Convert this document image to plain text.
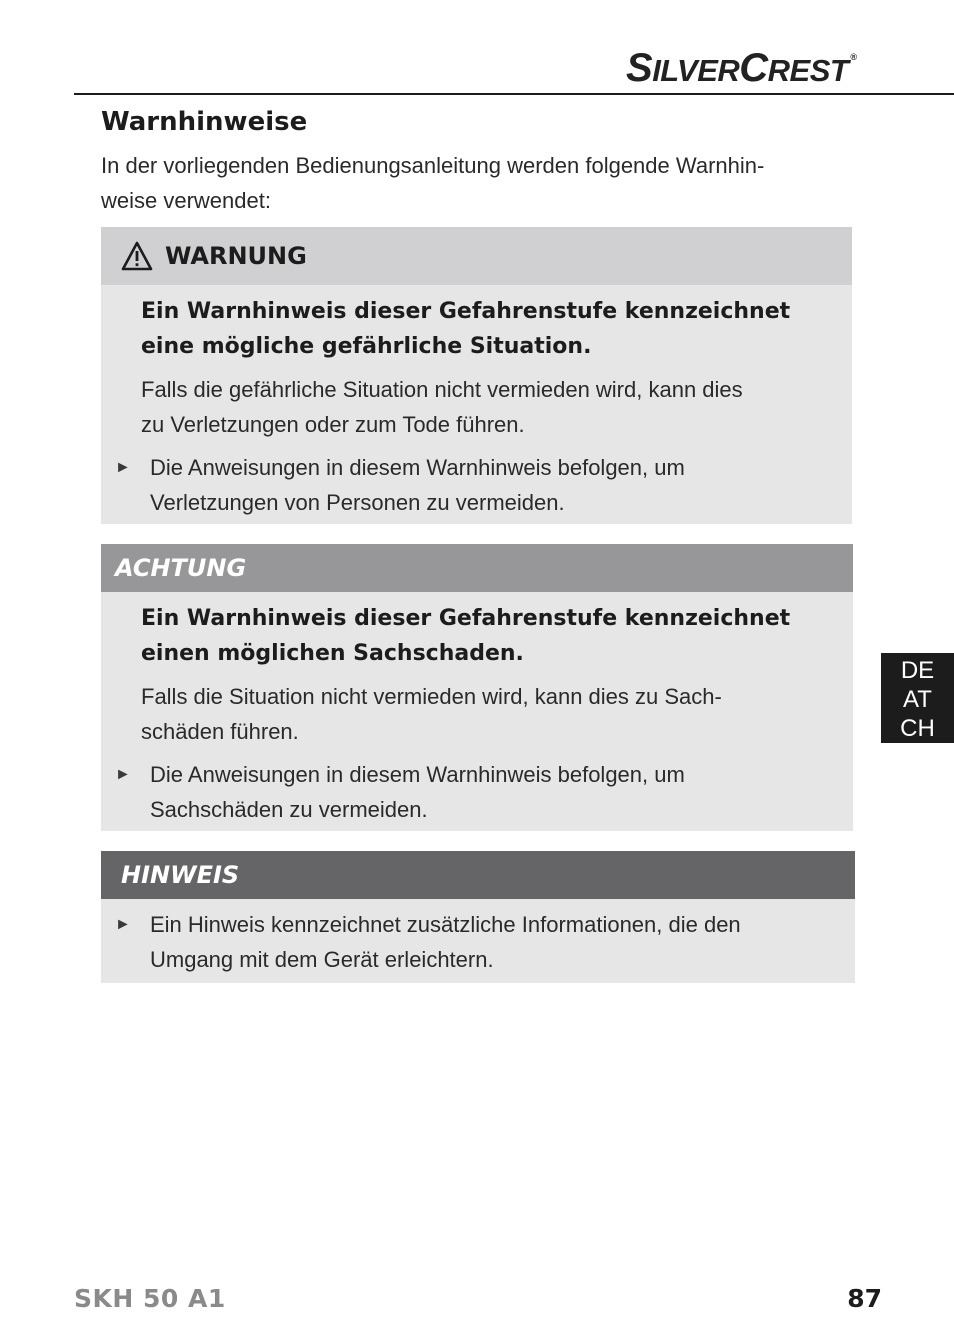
SILVERCREST ®
Warnhinweise
In der vorliegenden Bedienungsanleitung werden folgende Warnhin-
weise verwendet:
WARNUNG
Ein Warnhinweis dieser Gefahrenstufe kennzeichnet
eine mögliche gefährliche Situation.
Falls die gefährliche Situation nicht vermieden wird, kann dies
zu Verletzungen oder zum Tode führen.
► Die Anweisungen in diesem Warnhinweis befolgen, um
Verletzungen von Personen zu vermeiden.
ACHTUNG
Ein Warnhinweis dieser Gefahrenstufe kennzeichnet
einen möglichen Sachschaden.
Falls die Situation nicht vermieden wird, kann dies zu Sach-
schäden führen.
► Die Anweisungen in diesem Warnhinweis befolgen, um
Sachschäden zu vermeiden.
HINWEIS
► Ein Hinweis kennzeichnet zusätzliche Informationen, die den
Umgang mit dem Gerät erleichtern.
DE
AT
CH
SKH 50 A1	87
